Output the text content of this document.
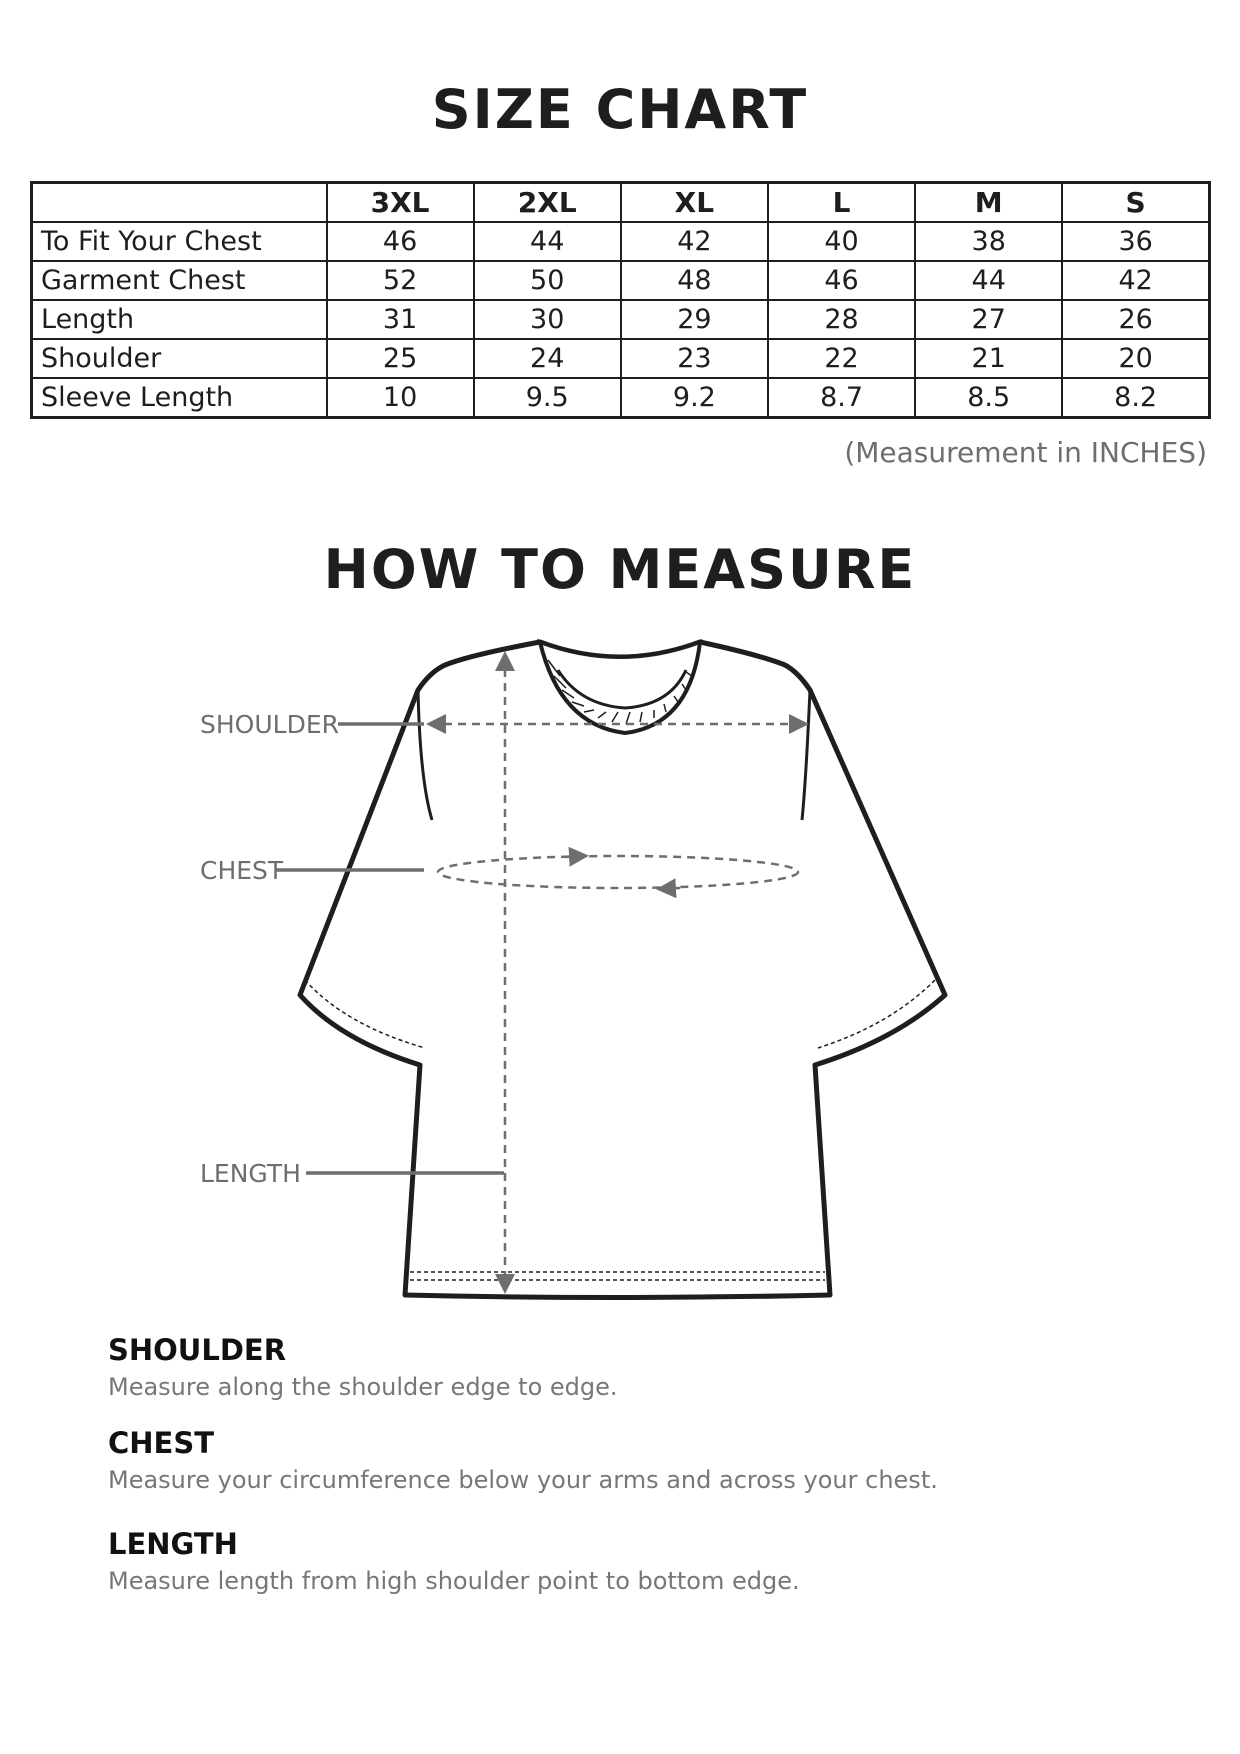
SIZE CHART
	3XL	2XL	XL	L	M	S
To Fit Your Chest	46	44	42	40	38	36
Garment Chest	52	50	48	46	44	42
Length	31	30	29	28	27	26
Shoulder	25	24	23	22	21	20
Sleeve Length	10	9.5	9.2	8.7	8.5	8.2
(Measurement in INCHES)
HOW TO MEASURE
SHOULDER
CHEST
LENGTH
SHOULDER

Measure along the shoulder edge to edge.

CHEST

Measure your circumference below your arms and across your chest.

LENGTH

Measure length from high shoulder point to bottom edge.
